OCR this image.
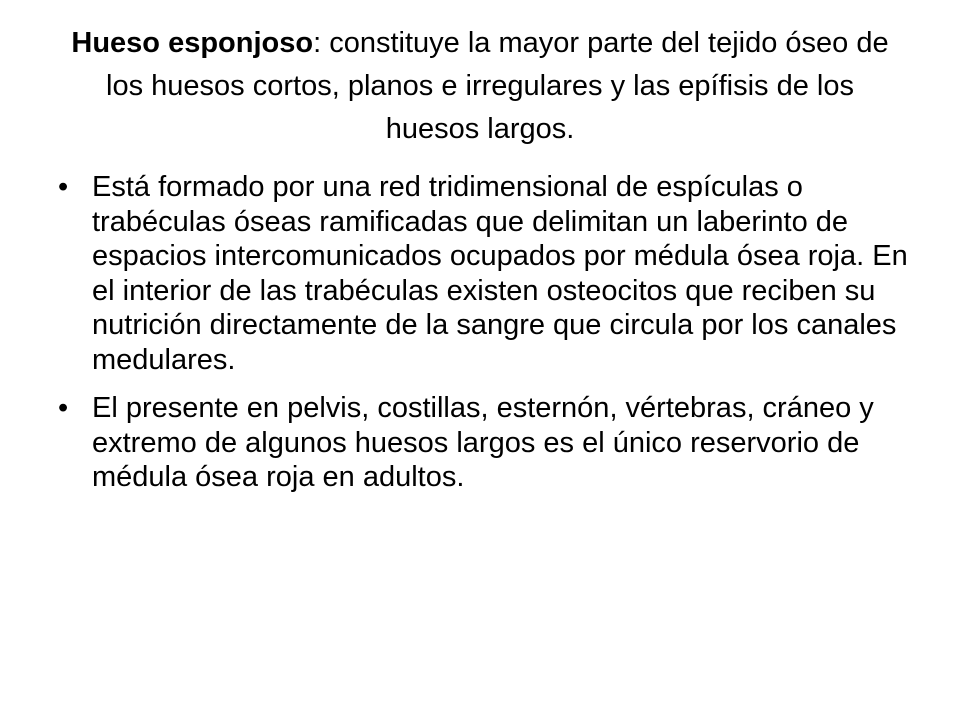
Hueso esponjoso: constituye la mayor parte del tejido óseo de los huesos cortos, planos e irregulares y las epífisis de los huesos largos.
• Está formado por una red tridimensional de espículas o trabéculas óseas ramificadas que delimitan un laberinto de espacios intercomunicados ocupados por médula ósea roja. En el interior de las trabéculas existen osteocitos que reciben su nutrición directamente de la sangre que circula por los canales medulares.
• El presente en pelvis, costillas, esternón, vértebras, cráneo y extremo de algunos huesos largos es el único reservorio de médula ósea roja en adultos.
